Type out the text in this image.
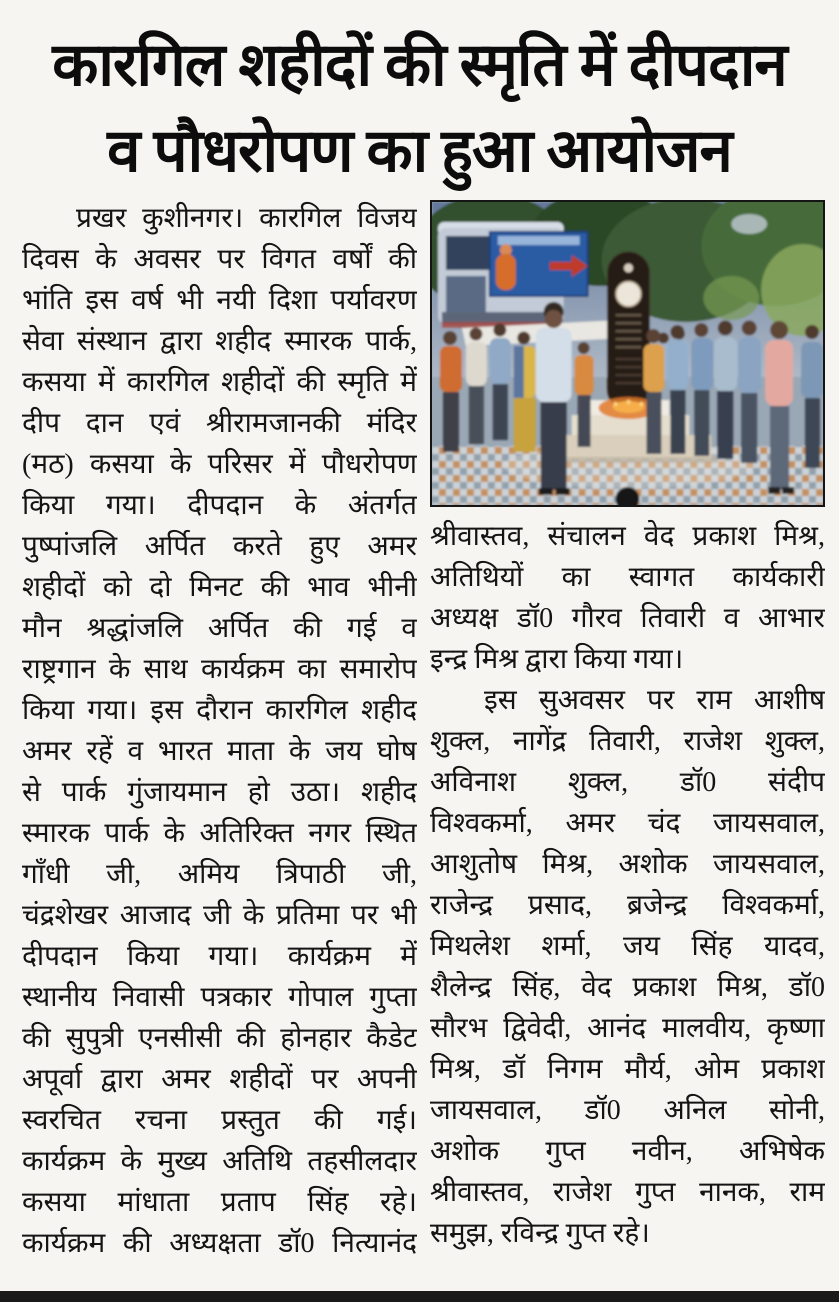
कारगिल शहीदों की स्मृति में दीपदान
व पौधरोपण का हुआ आयोजन
प्रखर कुशीनगर। कारगिल विजय
दिवस के अवसर पर विगत वर्षों की
भांति इस वर्ष भी नयी दिशा पर्यावरण
सेवा संस्थान द्वारा शहीद स्मारक पार्क,
कसया में कारगिल शहीदों की स्मृति में
दीप दान एवं श्रीरामजानकी मंदिर
(मठ) कसया के परिसर में पौधरोपण
किया गया। दीपदान के अंतर्गत
पुष्पांजलि अर्पित करते हुए अमर
शहीदों को दो मिनट की भाव भीनी
मौन श्रद्धांजलि अर्पित की गई व
राष्ट्रगान के साथ कार्यक्रम का समारोप
किया गया। इस दौरान कारगिल शहीद
अमर रहें व भारत माता के जय घोष
से पार्क गुंजायमान हो उठा। शहीद
स्मारक पार्क के अतिरिक्त नगर स्थित
गाँधी जी, अमिय त्रिपाठी जी,
चंद्रशेखर आजाद जी के प्रतिमा पर भी
दीपदान किया गया। कार्यक्रम में
स्थानीय निवासी पत्रकार गोपाल गुप्ता
की सुपुत्री एनसीसी की होनहार कैडेट
अपूर्वा द्वारा अमर शहीदों पर अपनी
स्वरचित रचना प्रस्तुत की गई।
कार्यक्रम के मुख्य अतिथि तहसीलदार
कसया मांधाता प्रताप सिंह रहे।
कार्यक्रम की अध्यक्षता डॉ0 नित्यानंद
श्रीवास्तव, संचालन वेद प्रकाश मिश्र,
अतिथियों का स्वागत कार्यकारी
अध्यक्ष डॉ0 गौरव तिवारी व आभार
इन्द्र मिश्र द्वारा किया गया।
इस सुअवसर पर राम आशीष
शुक्ल, नागेंद्र तिवारी, राजेश शुक्ल,
अविनाश शुक्ल, डॉ0 संदीप
विश्वकर्मा, अमर चंद जायसवाल,
आशुतोष मिश्र, अशोक जायसवाल,
राजेन्द्र प्रसाद, ब्रजेन्द्र विश्वकर्मा,
मिथलेश शर्मा, जय सिंह यादव,
शैलेन्द्र सिंह, वेद प्रकाश मिश्र, डॉ0
सौरभ द्विवेदी, आनंद मालवीय, कृष्णा
मिश्र, डॉ निगम मौर्य, ओम प्रकाश
जायसवाल, डॉ0 अनिल सोनी,
अशोक गुप्त नवीन, अभिषेक
श्रीवास्तव, राजेश गुप्त नानक, राम
समुझ, रविन्द्र गुप्त रहे।
